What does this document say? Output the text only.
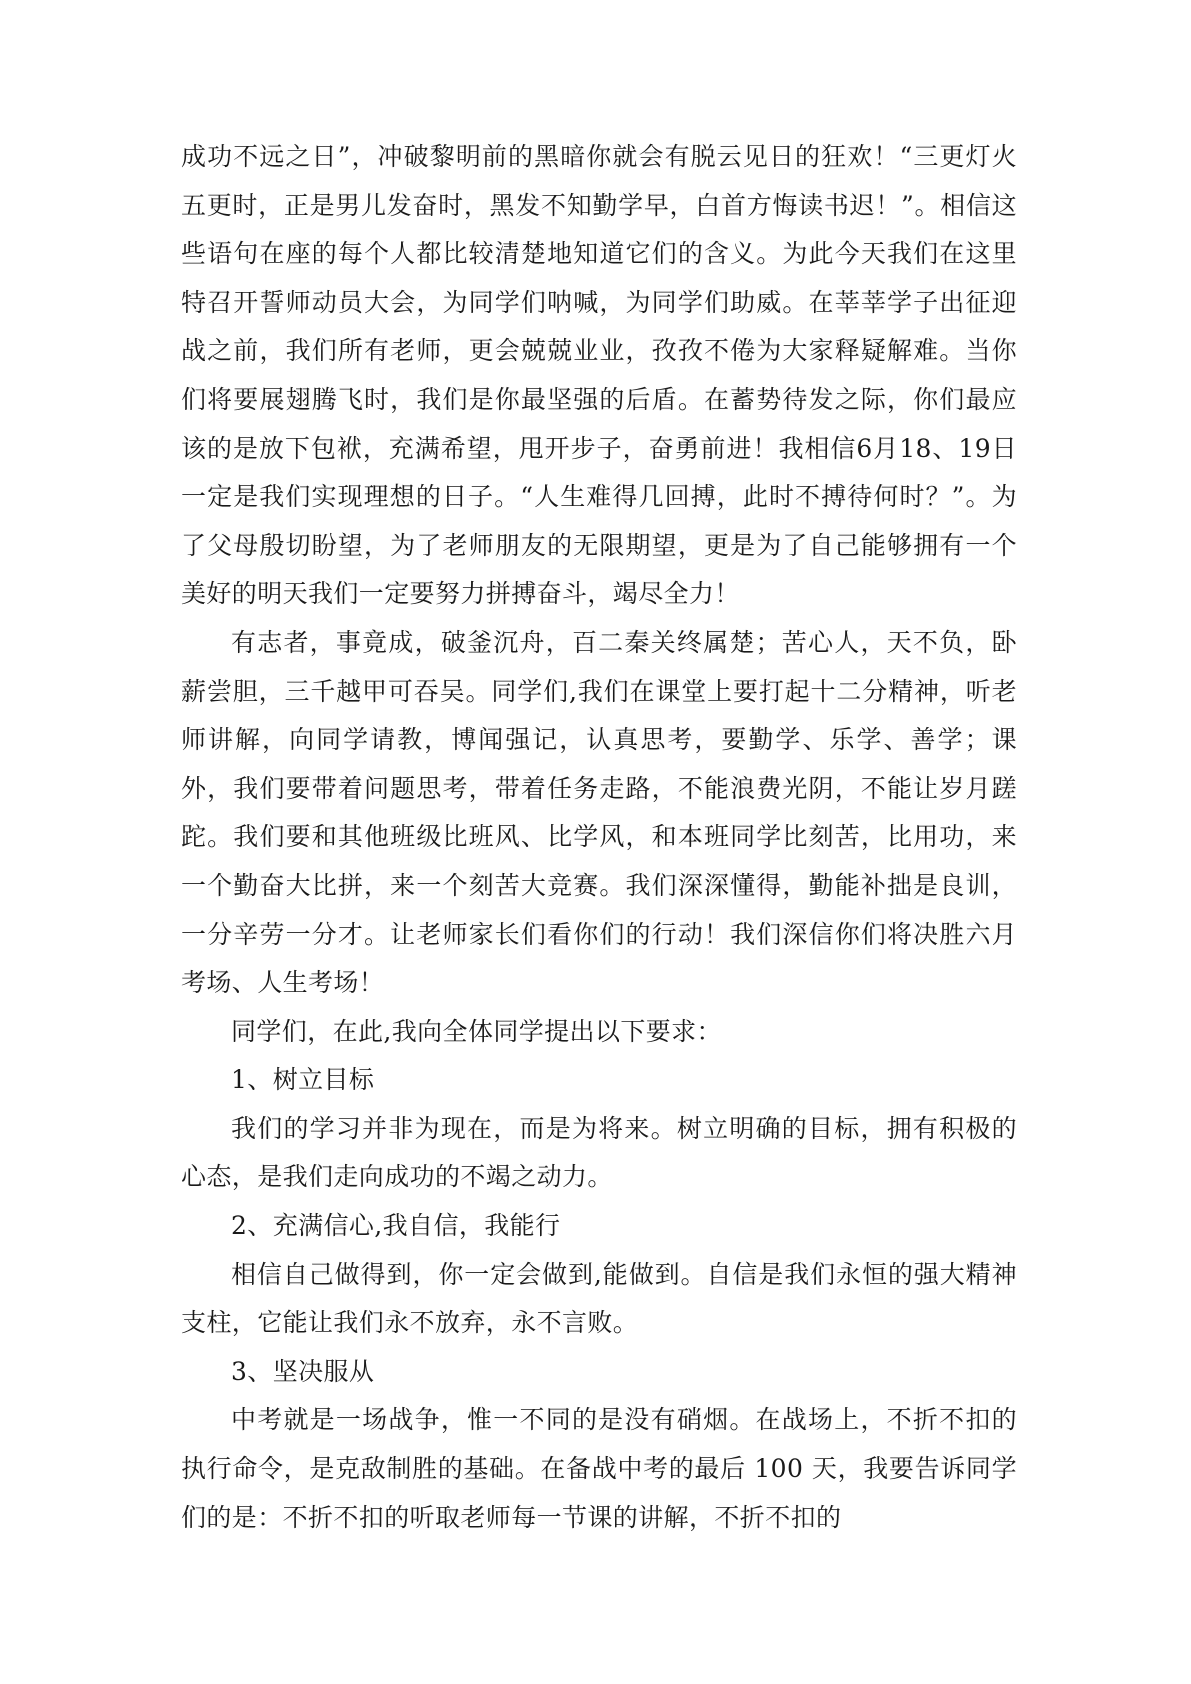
成功不远之日”，冲破黎明前的黑暗你就会有脱云见日的狂欢！“三更灯火五更时，正是男儿发奋时，黑发不知勤学早，白首方悔读书迟！”。相信这些语句在座的每个人都比较清楚地知道它们的含义。为此今天我们在这里特召开誓师动员大会，为同学们呐喊，为同学们助威。在莘莘学子出征迎战之前，我们所有老师，更会兢兢业业，孜孜不倦为大家释疑解难。当你们将要展翅腾飞时，我们是你最坚强的后盾。在蓄势待发之际，你们最应该的是放下包袱，充满希望，甩开步子，奋勇前进！我相信6月18、19日一定是我们实现理想的日子。“人生难得几回搏，此时不搏待何时？”。为了父母殷切盼望，为了老师朋友的无限期望，更是为了自己能够拥有一个美好的明天我们一定要努力拼搏奋斗，竭尽全力！

有志者，事竟成，破釜沉舟，百二秦关终属楚；苦心人，天不负，卧薪尝胆，三千越甲可吞吴。同学们,我们在课堂上要打起十二分精神，听老师讲解，向同学请教，博闻强记，认真思考，要勤学、乐学、善学；课外，我们要带着问题思考，带着任务走路，不能浪费光阴，不能让岁月蹉跎。我们要和其他班级比班风、比学风，和本班同学比刻苦，比用功，来一个勤奋大比拼，来一个刻苦大竞赛。我们深深懂得，勤能补拙是良训，一分辛劳一分才。让老师家长们看你们的行动！我们深信你们将决胜六月考场、人生考场！

同学们，在此,我向全体同学提出以下要求：

1、树立目标

我们的学习并非为现在，而是为将来。树立明确的目标，拥有积极的心态，是我们走向成功的不竭之动力。

2、充满信心,我自信，我能行

相信自己做得到，你一定会做到,能做到。自信是我们永恒的强大精神支柱，它能让我们永不放弃，永不言败。

3、坚决服从

中考就是一场战争，惟一不同的是没有硝烟。在战场上，不折不扣的执行命令，是克敌制胜的基础。在备战中考的最后 100 天，我要告诉同学们的是：不折不扣的听取老师每一节课的讲解，不折不扣的
